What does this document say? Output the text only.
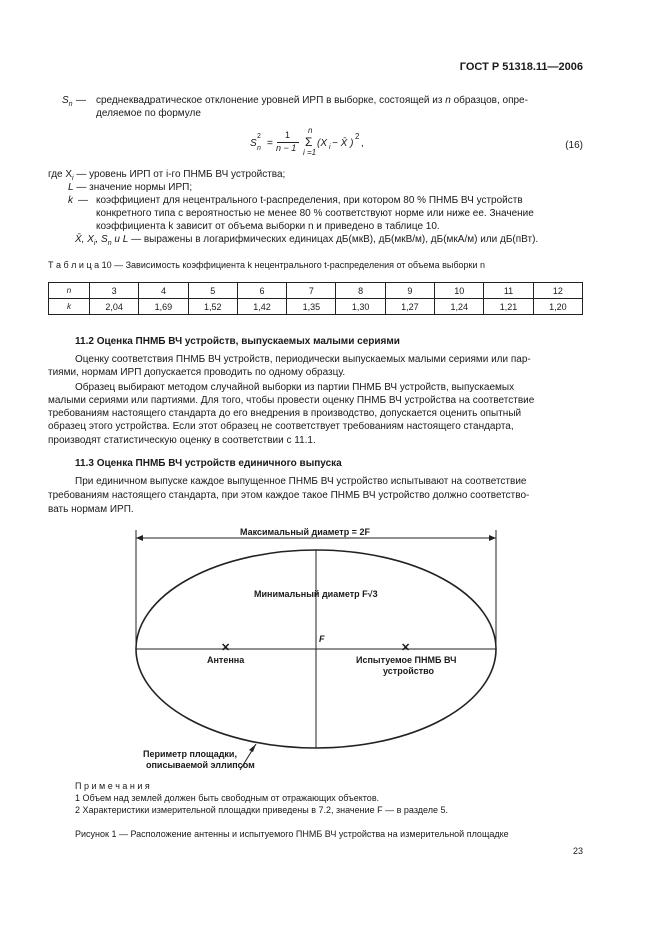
ГОСТ Р 51318.11—2006
$S_n$ — среднеквадратическое отклонение уровней ИРП в выборке, состоящей из n образцов, опре-
деляемое по формуле
S
2
n =
1
n − 1
n
Σ
i =1
(X i − X̄ )
2
,	(16)
где $X_i$ — уровень ИРП от i-го ПНМБ ВЧ устройства;
L — значение нормы ИРП;
k — коэффициент для нецентрального t-распределения, при котором 80 % ПНМБ ВЧ устройств
конкретного типа с вероятностью не менее 80 % соответствуют норме или ниже ее. Значение
коэффициента k зависит от объема выборки n и приведено в таблице 10.
X̄, $X_i$, $S_n$ и L — выражены в логарифмических единицах дБ(мкВ), дБ(мкВ/м), дБ(мкА/м) или дБ(пВт).
Т а б л и ц а 10 — Зависимость коэффициента k нецентрального t-распределения от объема выборки n
n	3	4	5	6	7	8	9	10	11	12
k	2,04	1,69	1,52	1,42	1,35	1,30	1,27	1,24	1,21	1,20
11.2 Оценка ПНМБ ВЧ устройств, выпускаемых малыми сериями
Оценку соответствия ПНМБ ВЧ устройств, периодически выпускаемых малыми сериями или пар-
тиями, нормам ИРП допускается проводить по одному образцу.
Образец выбирают методом случайной выборки из партии ПНМБ ВЧ устройств, выпускаемых
малыми сериями или партиями. Для того, чтобы провести оценку ПНМБ ВЧ устройства на соответствие
требованиям настоящего стандарта до его внедрения в производство, допускается оценить опытный
образец этого устройства. Если этот образец не соответствует требованиям настоящего стандарта,
производят статистическую оценку в соответствии с 11.1.
11.3 Оценка ПНМБ ВЧ устройств единичного выпуска
При единичном выпуске каждое выпущенное ПНМБ ВЧ устройство испытывают на соответствие
требованиям настоящего стандарта, при этом каждое такое ПНМБ ВЧ устройство должно соответство-
вать нормам ИРП.
Максимальный диаметр = 2F
Минимальный диаметр F√3
F
✕	✕
Антенна	Испытуемое ПНМБ ВЧ
устройство
Периметр площадки,
описываемой эллипсом
П р и м е ч а н и я
1 Объем над землей должен быть свободным от отражающих объектов.
2 Характеристики измерительной площадки приведены в 7.2, значение F — в разделе 5.
Рисунок 1 — Расположение антенны и испытуемого ПНМБ ВЧ устройства на измерительной площадке
23
